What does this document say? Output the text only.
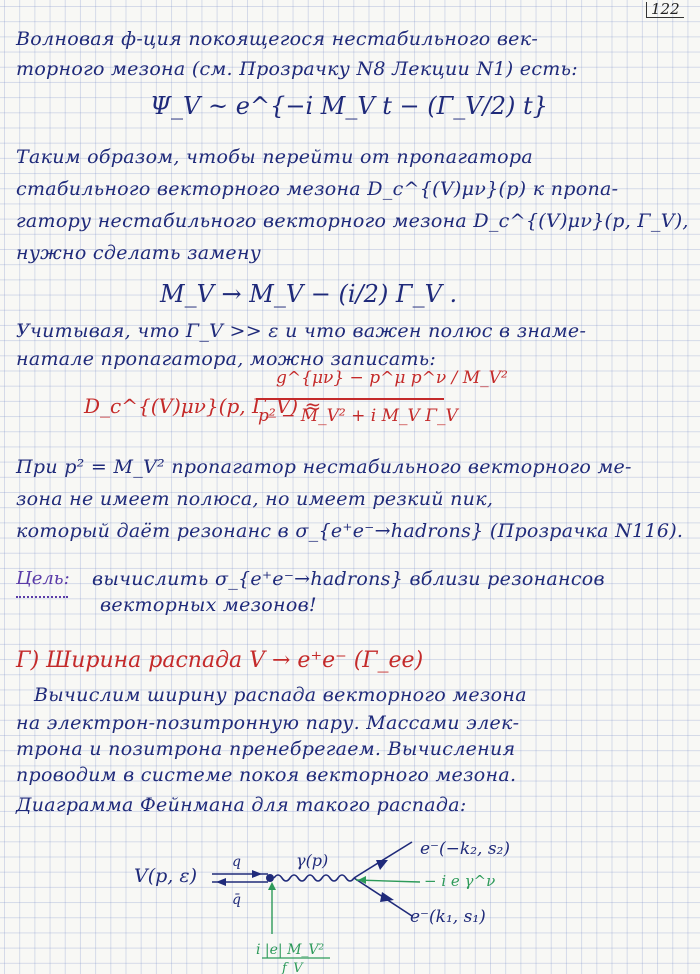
122
Волновая ф-ция покоящегося нестабильного век-
торного мезона (см. Прозрачку N8 Лекции N1) есть:
Ψ_V ~ e^{−i M_V t − (Γ_V/2) t}
Таким образом, чтобы перейти от пропагатора
стабильного векторного мезона D_c^{(V)μν}(p) к пропа-
гатору нестабильного векторного мезона D_c^{(V)μν}(p, Γ_V),
нужно сделать замену
M_V → M_V − (i/2) Γ_V .
Учитывая, что Γ_V >> ε и что важен полюс в знаме-
натале пропагатора, можно записать:
D_c^{(V)μν}(p, Γ_V) ≈
g^{μν} − p^μ p^ν / M_V²
p² − M_V² + i M_V Γ_V
При p² = M_V² пропагатор нестабильного векторного ме-
зона не имеет полюса, но имеет резкий пик,
который даёт резонанс в σ_{e⁺e⁻→hadrons} (Прозрачка N116).
Цель: вычислить σ_{e⁺e⁻→hadrons} вблизи резонансов
векторных мезонов!
Г) Ширина распада V → e⁺e⁻ (Γ_ee)
Вычислим ширину распада векторного мезона
на электрон-позитронную пару. Массами элек-
трона и позитрона пренебрегаем. Вычисления
проводим в системе покоя векторного мезона.
Диаграмма Фейнмана для такого распада:
V(p, ε)
q
q̄
γ(p)
e⁻(−k₂, s₂)
e⁻(k₁, s₁)
− i e γ^ν
i |e| M_V²
f_V
